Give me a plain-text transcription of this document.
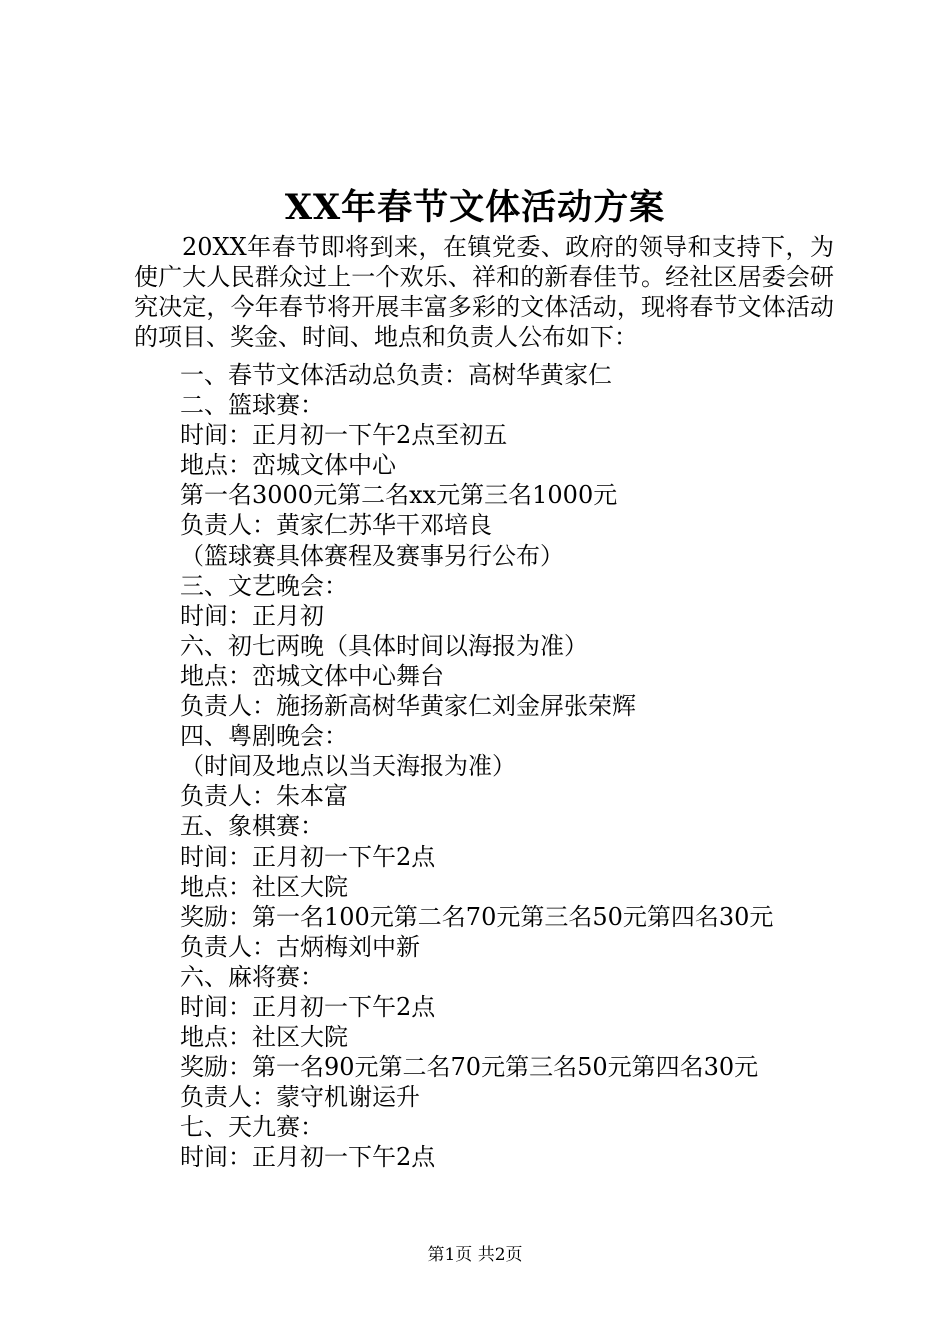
XX年春节文体活动方案

20XX年春节即将到来，在镇党委、政府的领导和支持下，为使广大人民群众过上一个欢乐、祥和的新春佳节。经社区居委会研究决定，今年春节将开展丰富多彩的文体活动，现将春节文体活动的项目、奖金、时间、地点和负责人公布如下：

一、春节文体活动总负责：高树华黄家仁
二、篮球赛：
时间：正月初一下午2点至初五
地点：峦城文体中心
第一名3000元第二名xx元第三名1000元
负责人：黄家仁苏华干邓培良
（篮球赛具体赛程及赛事另行公布）
三、文艺晚会：
时间：正月初
六、初七两晚（具体时间以海报为准）
地点：峦城文体中心舞台
负责人：施扬新高树华黄家仁刘金屏张荣辉
四、粤剧晚会：
（时间及地点以当天海报为准）
负责人：朱本富
五、象棋赛：
时间：正月初一下午2点
地点：社区大院
奖励：第一名100元第二名70元第三名50元第四名30元
负责人：古炳梅刘中新
六、麻将赛：
时间：正月初一下午2点
地点：社区大院
奖励：第一名90元第二名70元第三名50元第四名30元
负责人：蒙守机谢运升
七、天九赛：
时间：正月初一下午2点
第1页 共2页
